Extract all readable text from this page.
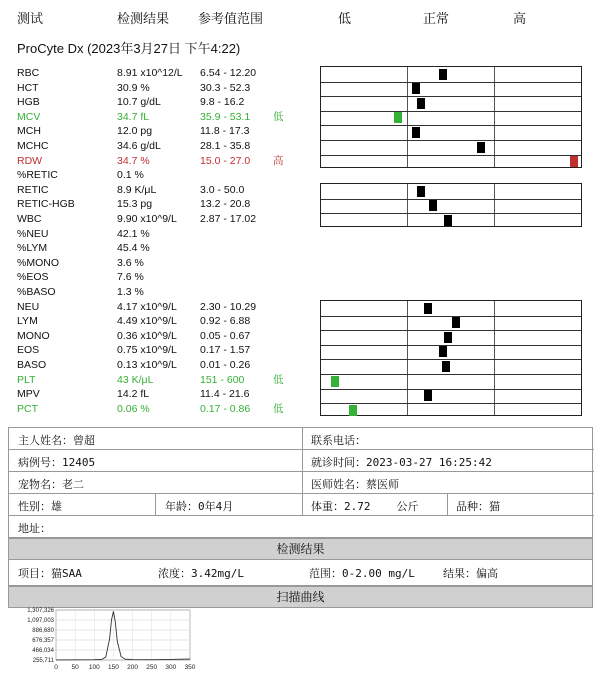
测试	检测结果 参考值范围	低	正常	高
ProCyte Dx (2023年3月27日 下午4:22)
RBC	8.91 x10^12/L 6.54 - 12.20
HCT	30.9 %	30.3 - 52.3
HGB	10.7 g/dL	9.8 - 16.2
MCV	34.7 fL	35.9 - 53.1 低
MCH	12.0 pg	11.8 - 17.3
MCHC	34.6 g/dL	28.1 - 35.8
RDW	34.7 %	15.0 - 27.0 高
%RETIC	0.1 %
RETIC	8.9 K/μL	3.0 - 50.0
RETIC-HGB	15.3 pg	13.2 - 20.8
WBC	9.90 x10^9/L 2.87 - 17.02
%NEU	42.1 %
%LYM	45.4 %
%MONO	3.6 %
%EOS	7.6 %
%BASO	1.3 %
NEU	4.17 x10^9/L 2.30 - 10.29
LYM	4.49 x10^9/L 0.92 - 6.88
MONO	0.36 x10^9/L 0.05 - 0.67
EOS	0.75 x10^9/L 0.17 - 1.57
BASO	0.13 x10^9/L 0.01 - 0.26
PLT	43 K/μL	151 - 600	低
MPV	14.2 fL	11.4 - 21.6
PCT	0.06 %	0.17 - 0.86 低
主人姓名：曾超	联系电话：
病例号：12405	就诊时间：2023-03-27 16:25:42
宠物名：老二	医师姓名：蔡医师
性别：雄	年龄：0年4月	体重：2.72 公斤	品种：猫
地址：
检测结果
项目：猫SAA	浓度：3.42mg/L	范围：0-2.00 mg/L	结果：偏高
扫描曲线
1,307,326
1,097,003
886,680
676,357
466,034
255,711
0 50 100 150 200 250 300 350
